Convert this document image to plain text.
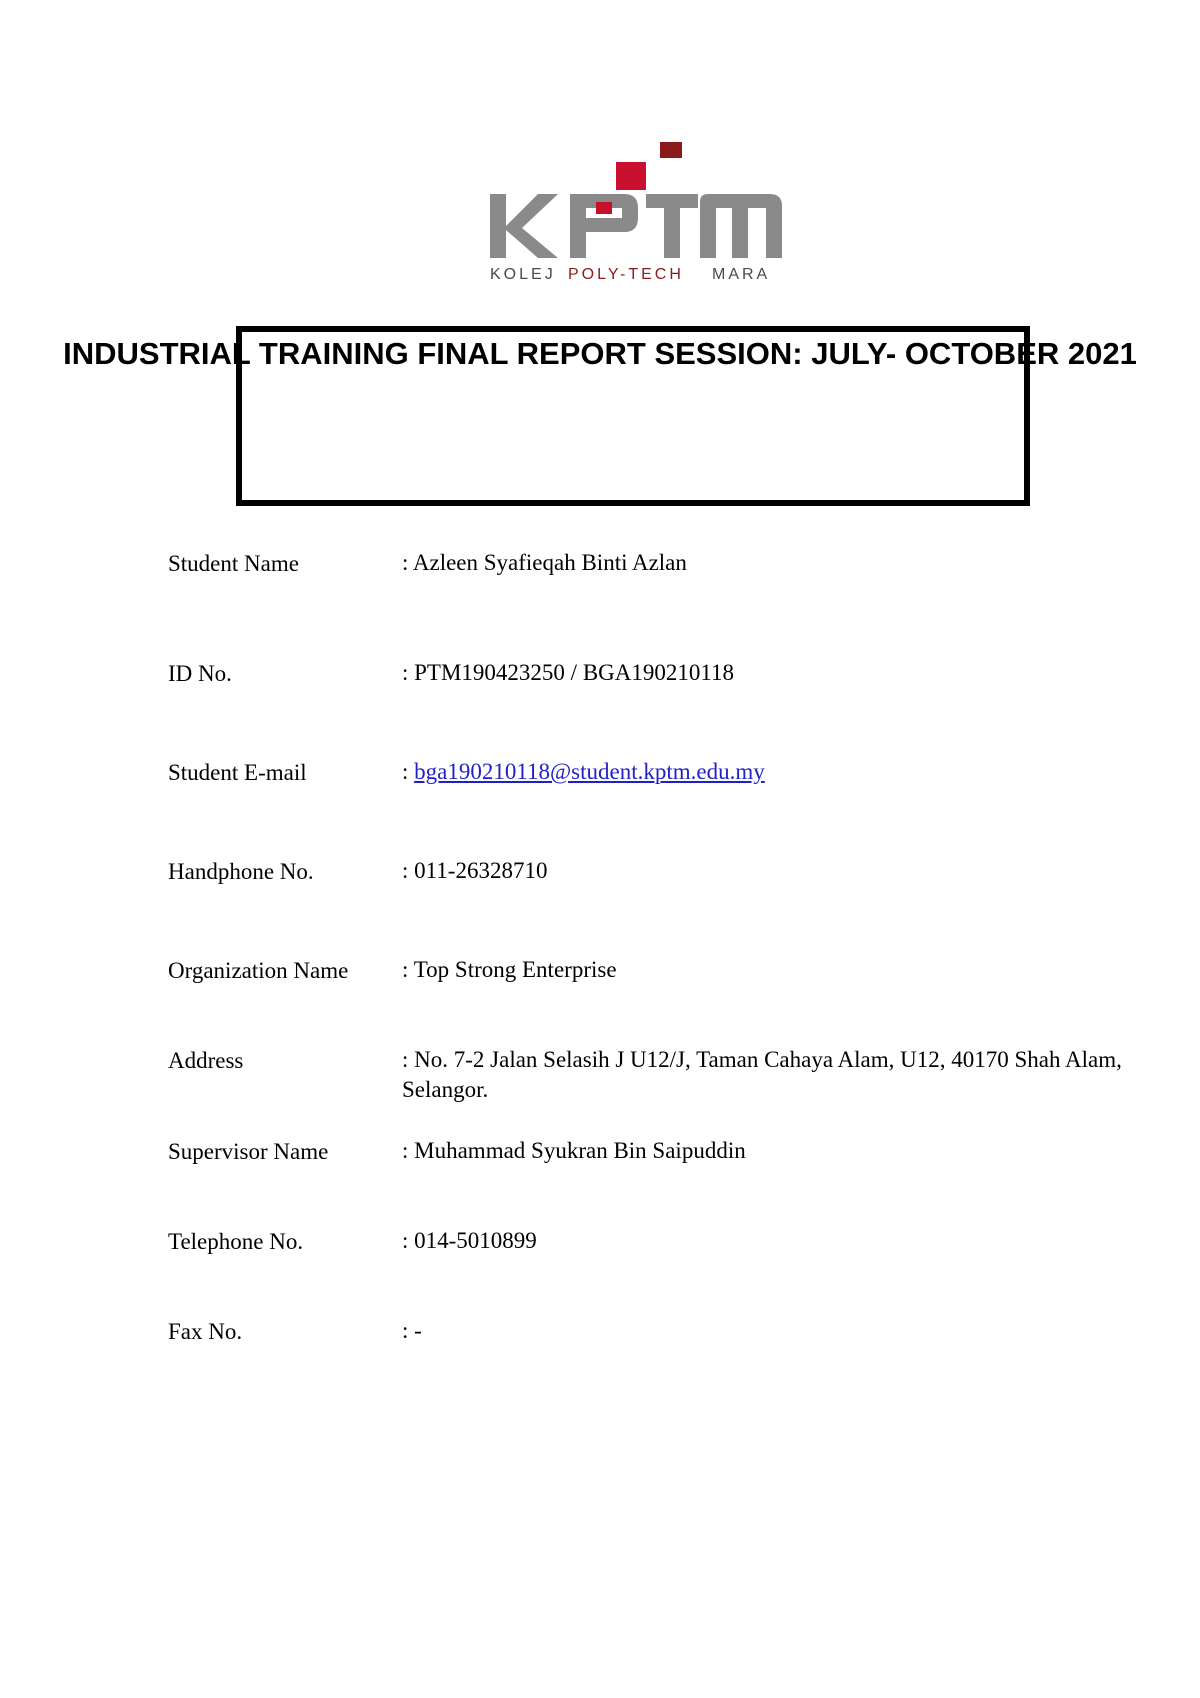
KOLEJ POLY-TECH MARA
INDUSTRIAL TRAINING FINAL REPORT SESSION: JULY- OCTOBER 2021
Student Name	: Azleen Syafieqah Binti Azlan
ID No.	: PTM190423250 / BGA190210118
Student E-mail	: bga190210118@student.kptm.edu.my
Handphone No.	: 011-26328710
Organization Name : Top Strong Enterprise
Address	: No. 7-2 Jalan Selasih J U12/J, Taman Cahaya Alam, U12, 40170 Shah Alam, Selangor.
Supervisor Name	: Muhammad Syukran Bin Saipuddin
Telephone No.	: 014-5010899
Fax No.	: -
